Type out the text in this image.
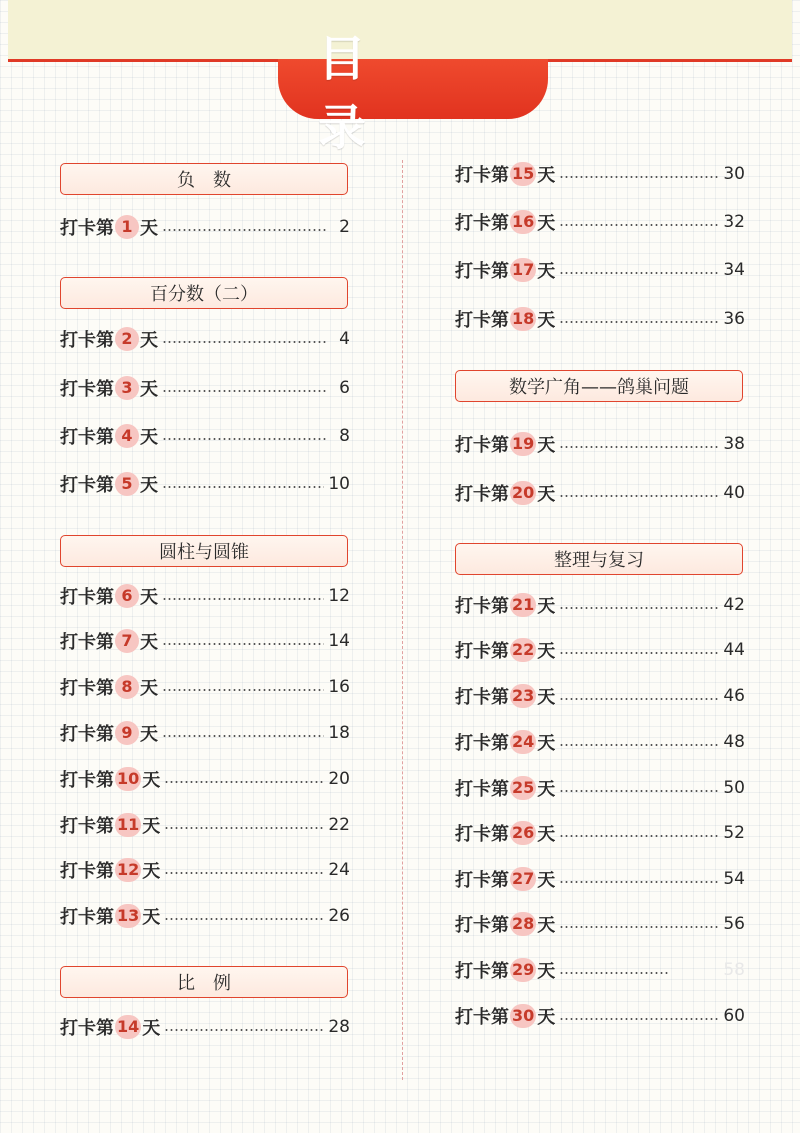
目 录
负　数
打卡第 1 天	2
百分数（二）
打卡第 2 天	4
打卡第 3 天	6
打卡第 4 天	8
打卡第 5 天	10
圆柱与圆锥
打卡第 6 天	12
打卡第 7 天	14
打卡第 8 天	16
打卡第 9 天	18
打卡第 10 天	20
打卡第 11 天	22
打卡第 12 天	24
打卡第 13 天	26
比　例
打卡第 14 天	28
打卡第 15 天	30
打卡第 16 天	32
打卡第 17 天	34
打卡第 18 天	36
数学广角——鸽巢问题
打卡第 19 天	38
打卡第 20 天	40
整理与复习
打卡第 21 天	42
打卡第 22 天	44
打卡第 23 天	46
打卡第 24 天	48
打卡第 25 天	50
打卡第 26 天	52
打卡第 27 天	54
打卡第 28 天	56
打卡第 29 天	58
打卡第 30 天	60
